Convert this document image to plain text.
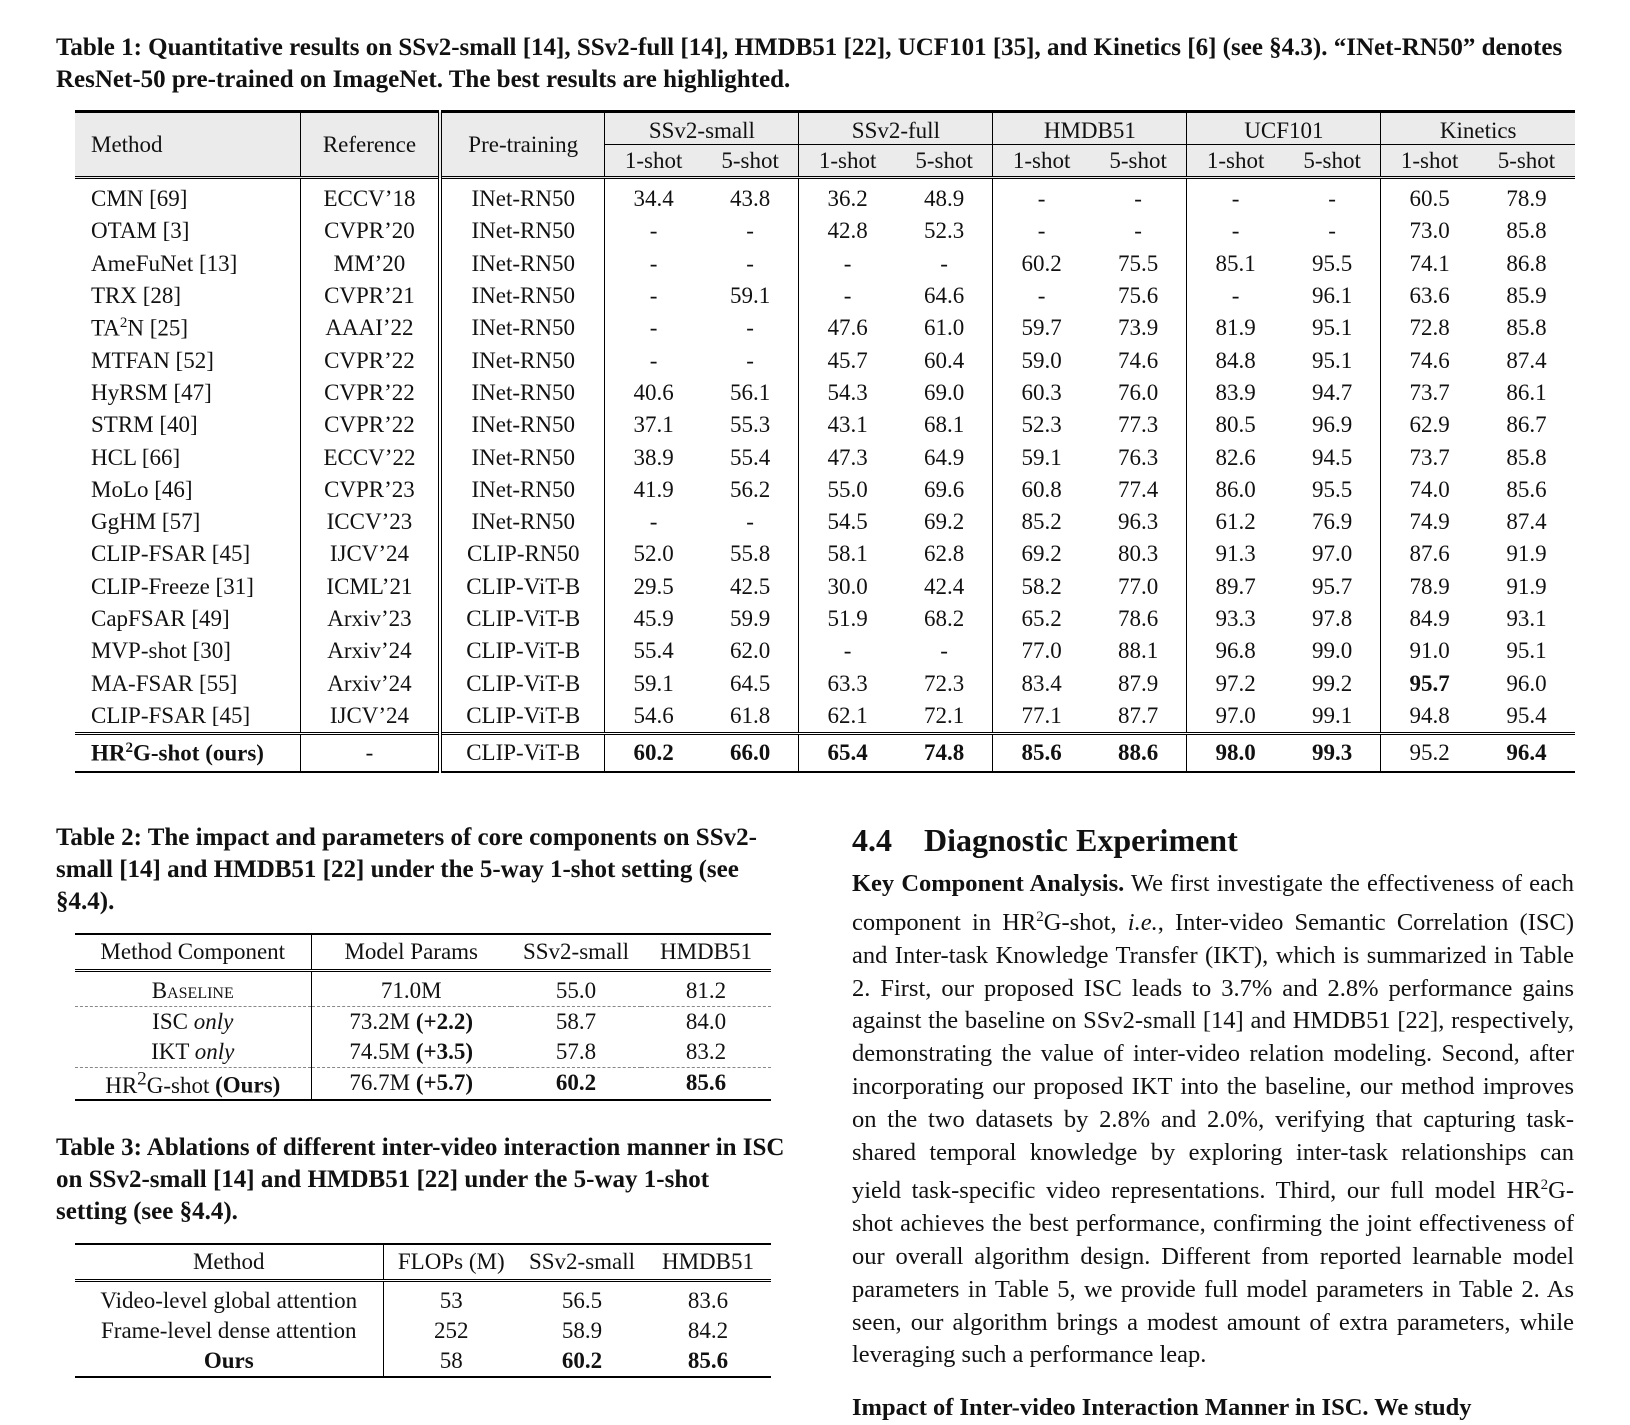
Table 1: Quantitative results on SSv2-small [14], SSv2-full [14], HMDB51 [22], UCF101 [35], and Kinetics [6] (see §4.3). “INet-RN50” denotes ResNet-50 pre-trained on ImageNet. The best results are highlighted.

Method	Reference	Pre-training	SSv2-small		SSv2-full		HMDB51		UCF101		Kinetics	
			1-shot	5-shot	1-shot	5-shot	1-shot	5-shot	1-shot	5-shot	1-shot	5-shot
CMN [69]	ECCV’18	INet-RN50	34.4	43.8	36.2	48.9	-	-	-	-	60.5	78.9
OTAM [3]	CVPR’20	INet-RN50	-	-	42.8	52.3	-	-	-	-	73.0	85.8
AmeFuNet [13]	MM’20	INet-RN50	-	-	-	-	60.2	75.5	85.1	95.5	74.1	86.8
TRX [28]	CVPR’21	INet-RN50	-	59.1	-	64.6	-	75.6	-	96.1	63.6	85.9
$TA^2N$ [25]	AAAI’22	INet-RN50	-	-	47.6	61.0	59.7	73.9	81.9	95.1	72.8	85.8
MTFAN [52]	CVPR’22	INet-RN50	-	-	45.7	60.4	59.0	74.6	84.8	95.1	74.6	87.4
HyRSM [47]	CVPR’22	INet-RN50	40.6	56.1	54.3	69.0	60.3	76.0	83.9	94.7	73.7	86.1
STRM [40]	CVPR’22	INet-RN50	37.1	55.3	43.1	68.1	52.3	77.3	80.5	96.9	62.9	86.7
HCL [66]	ECCV’22	INet-RN50	38.9	55.4	47.3	64.9	59.1	76.3	82.6	94.5	73.7	85.8
MoLo [46]	CVPR’23	INet-RN50	41.9	56.2	55.0	69.6	60.8	77.4	86.0	95.5	74.0	85.6
GgHM [57]	ICCV’23	INet-RN50	-	-	54.5	69.2	85.2	96.3	61.2	76.9	74.9	87.4
CLIP-FSAR [45]	IJCV’24	CLIP-RN50	52.0	55.8	58.1	62.8	69.2	80.3	91.3	97.0	87.6	91.9
CLIP-Freeze [31]	ICML’21	CLIP-ViT-B	29.5	42.5	30.0	42.4	58.2	77.0	89.7	95.7	78.9	91.9
CapFSAR [49]	Arxiv’23	CLIP-ViT-B	45.9	59.9	51.9	68.2	65.2	78.6	93.3	97.8	84.9	93.1
MVP-shot [30]	Arxiv’24	CLIP-ViT-B	55.4	62.0	-	-	77.0	88.1	96.8	99.0	91.0	95.1
MA-FSAR [55]	Arxiv’24	CLIP-ViT-B	59.1	64.5	63.3	72.3	83.4	87.9	97.2	99.2	95.7	96.0
CLIP-FSAR [45]	IJCV’24	CLIP-ViT-B	54.6	61.8	62.1	72.1	77.1	87.7	97.0	99.1	94.8	95.4
$HR^2G$-shot (ours)	-	CLIP-ViT-B	60.2	66.0	65.4	74.8	85.6	88.6	98.0	99.3	95.2	96.4

Table 2: The impact and parameters of core components on SSv2-small [14] and HMDB51 [22] under the 5-way 1-shot setting (see §4.4).

Method Component	Model Params	SSv2-small	HMDB51
Baseline	71.0M	55.0	81.2
ISC only	73.2M (+2.2)	58.7	84.0
IKT only	74.5M (+3.5)	57.8	83.2
$HR^2G$-shot (Ours)	76.7M (+5.7)	60.2	85.6

Table 3: Ablations of different inter-video interaction manner in ISC on SSv2-small [14] and HMDB51 [22] under the 5-way 1-shot setting (see §4.4).

Method	FLOPs (M)	SSv2-small	HMDB51
Video-level global attention	53	56.5	83.6
Frame-level dense attention	252	58.9	84.2
Ours	58	60.2	85.6
4.4 Diagnostic Experiment

Key Component Analysis. We first investigate the effectiveness of each component in $HR^2G$-shot, i.e., Inter-video Semantic Correlation (ISC) and Inter-task Knowledge Transfer (IKT), which is summarized in Table 2. First, our proposed ISC leads to 3.7% and 2.8% performance gains against the baseline on SSv2-small [14] and HMDB51 [22], respectively, demonstrating the value of inter-video relation modeling. Second, after incorporating our proposed IKT into the baseline, our method improves on the two datasets by 2.8% and 2.0%, verifying that capturing task-shared temporal knowledge by exploring inter-task relationships can yield task-specific video representations. Third, our full model $HR^2G$-shot achieves the best performance, confirming the joint effectiveness of our overall algorithm design. Different from reported learnable model parameters in Table 5, we provide full model parameters in Table 2. As seen, our algorithm brings a modest amount of extra parameters, while leveraging such a performance leap.

Impact of Inter-video Interaction Manner in ISC. We study
